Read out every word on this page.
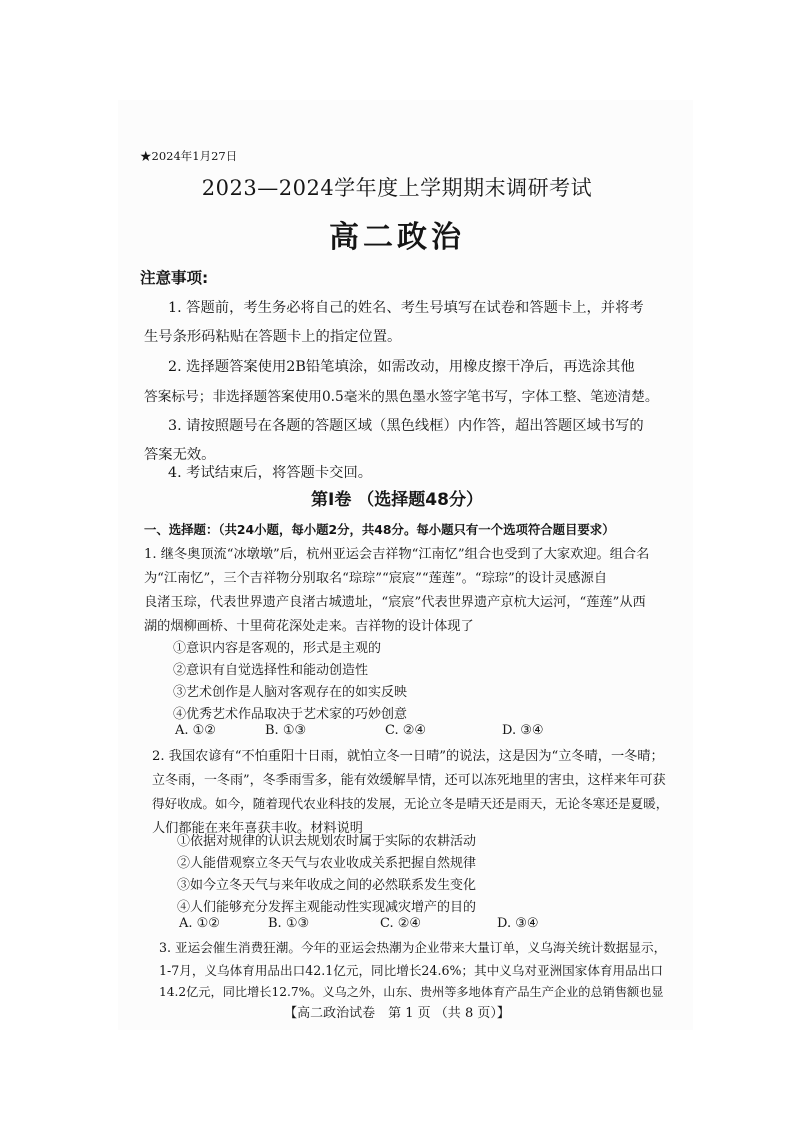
★2024年1月27日
2023—2024学年度上学期期末调研考试
高二政治
注意事项:
1. 答题前，考生务必将自己的姓名、考生号填写在试卷和答题卡上，并将考
生号条形码粘贴在答题卡上的指定位置。
2. 选择题答案使用2B铅笔填涂，如需改动，用橡皮擦干净后，再选涂其他
答案标号；非选择题答案使用0.5毫米的黑色墨水签字笔书写，字体工整、笔迹清楚。
3. 请按照题号在各题的答题区域（黑色线框）内作答，超出答题区域书写的
答案无效。
4. 考试结束后，将答题卡交回。
第Ⅰ卷 （选择题48分）
一、选择题：（共24小题，每小题2分，共48分。每小题只有一个选项符合题目要求）
1. 继冬奥顶流“冰墩墩”后，杭州亚运会吉祥物“江南忆”组合也受到了大家欢迎。组合名
为“江南忆”，三个吉祥物分别取名“琮琮”“宸宸”“莲莲”。“琮琮”的设计灵感源自
良渚玉琮，代表世界遗产良渚古城遗址，“宸宸”代表世界遗产京杭大运河，“莲莲”从西
湖的烟柳画桥、十里荷花深处走来。吉祥物的设计体现了
①意识内容是客观的，形式是主观的
②意识有自觉选择性和能动创造性
③艺术创作是人脑对客观存在的如实反映
④优秀艺术作品取决于艺术家的巧妙创意
A. ①②	B. ①③	C. ②④	D. ③④
2. 我国农谚有“不怕重阳十日雨，就怕立冬一日晴”的说法，这是因为“立冬晴，一冬晴；
立冬雨，一冬雨”，冬季雨雪多，能有效缓解旱情，还可以冻死地里的害虫，这样来年可获
得好收成。如今，随着现代农业科技的发展，无论立冬是晴天还是雨天，无论冬寒还是夏暖，
人们都能在来年喜获丰收。材料说明
①依据对规律的认识去规划农时属于实际的农耕活动
②人能借观察立冬天气与农业收成关系把握自然规律
③如今立冬天气与来年收成之间的必然联系发生变化
④人们能够充分发挥主观能动性实现减灾增产的目的
A. ①②	B. ①③	C. ②④	D. ③④
3. 亚运会催生消费狂潮。今年的亚运会热潮为企业带来大量订单，义乌海关统计数据显示，
1-7月，义乌体育用品出口42.1亿元，同比增长24.6%；其中义乌对亚洲国家体育用品出口
14.2亿元，同比增长12.7%。义乌之外，山东、贵州等多地体育产品生产企业的总销售额也显
【高二政治试卷　第 1 页 （共 8 页）】
